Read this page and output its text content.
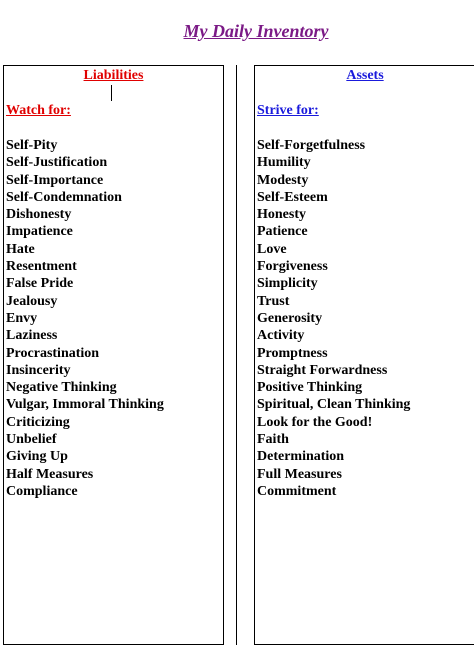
My Daily Inventory
Liabilities
Watch for:
Self-Pity
Self-Justification
Self-Importance
Self-Condemnation
Dishonesty
Impatience
Hate
Resentment
False Pride
Jealousy
Envy
Laziness
Procrastination
Insincerity
Negative Thinking
Vulgar, Immoral Thinking
Criticizing
Unbelief
Giving Up
Half Measures
Compliance
Assets
Strive for:
Self-Forgetfulness
Humility
Modesty
Self-Esteem
Honesty
Patience
Love
Forgiveness
Simplicity
Trust
Generosity
Activity
Promptness
Straight Forwardness
Positive Thinking
Spiritual, Clean Thinking
Look for the Good!
Faith
Determination
Full Measures
Commitment
